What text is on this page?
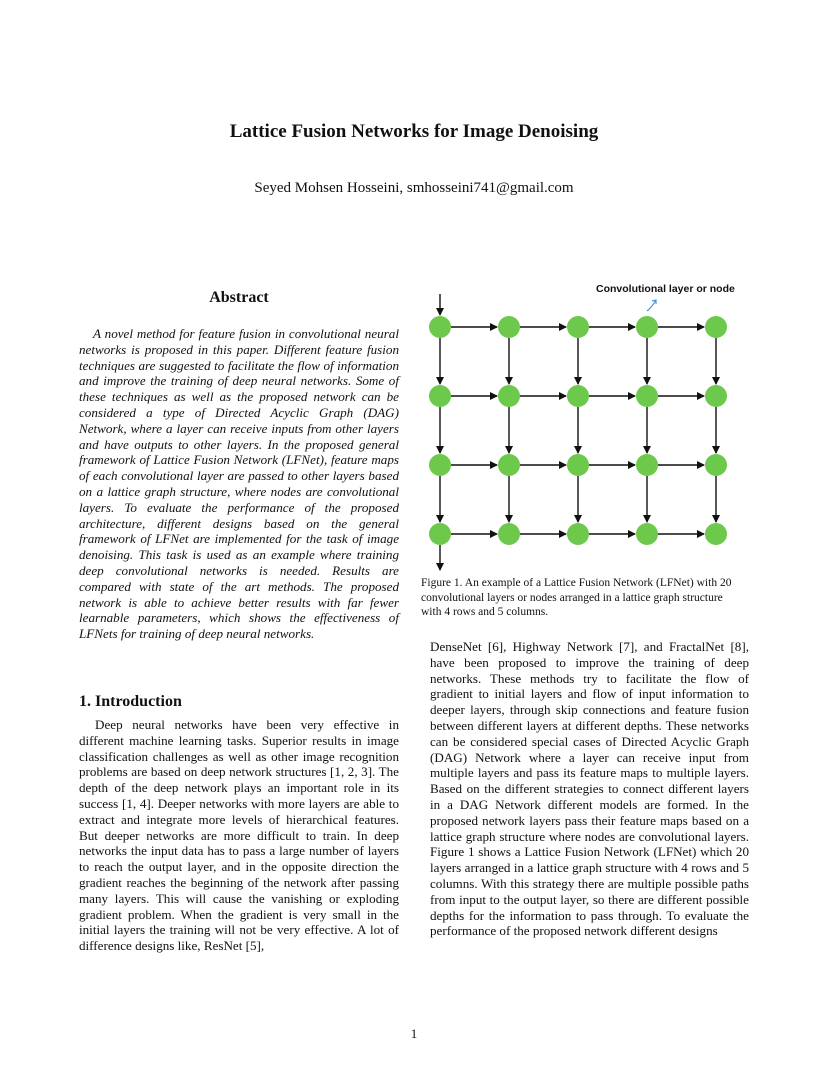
Lattice Fusion Networks for Image Denoising
Seyed Mohsen Hosseini, smhosseini741@gmail.com
Abstract

A novel method for feature fusion in convolutional neural networks is proposed in this paper. Different feature fusion techniques are suggested to facilitate the flow of information and improve the training of deep neural networks. Some of these techniques as well as the proposed network can be considered a type of Directed Acyclic Graph (DAG) Network, where a layer can receive inputs from other layers and have outputs to other layers. In the proposed general framework of Lattice Fusion Network (LFNet), feature maps of each convolutional layer are passed to other layers based on a lattice graph structure, where nodes are convolutional layers. To evaluate the performance of the proposed architecture, different designs based on the general framework of LFNet are implemented for the task of image denoising. This task is used as an example where training deep convolutional networks is needed. Results are compared with state of the art methods. The proposed network is able to achieve better results with far fewer learnable parameters, which shows the effectiveness of LFNets for training of deep neural networks.

1. Introduction

Deep neural networks have been very effective in different machine learning tasks. Superior results in image classification challenges as well as other image recognition problems are based on deep network structures [1, 2, 3]. The depth of the deep network plays an important role in its success [1, 4]. Deeper networks with more layers are able to extract and integrate more levels of hierarchical features. But deeper networks are more difficult to train. In deep networks the input data has to pass a large number of layers to reach the output layer, and in the opposite direction the gradient reaches the beginning of the network after passing many layers. This will cause the vanishing or exploding gradient problem. When the gradient is very small in the initial layers the training will not be very effective. A lot of difference designs like, ResNet [5],

Convolutional layer or node
Figure 1. An example of a Lattice Fusion Network (LFNet) with 20 convolutional layers or nodes arranged in a lattice graph structure with 4 rows and 5 columns.

DenseNet [6], Highway Network [7], and FractalNet [8], have been proposed to improve the training of deep networks. These methods try to facilitate the flow of gradient to initial layers and flow of input information to deeper layers, through skip connections and feature fusion between different layers at different depths. These networks can be considered special cases of Directed Acyclic Graph (DAG) Network where a layer can receive input from multiple layers and pass its feature maps to multiple layers. Based on the different strategies to connect different layers in a DAG Network different models are formed. In the proposed network layers pass their feature maps based on a lattice graph structure where nodes are convolutional layers. Figure 1 shows a Lattice Fusion Network (LFNet) which 20 layers arranged in a lattice graph structure with 4 rows and 5 columns. With this strategy there are multiple possible paths from input to the output layer, so there are different possible depths for the information to pass through. To evaluate the performance of the proposed network different designs

1
